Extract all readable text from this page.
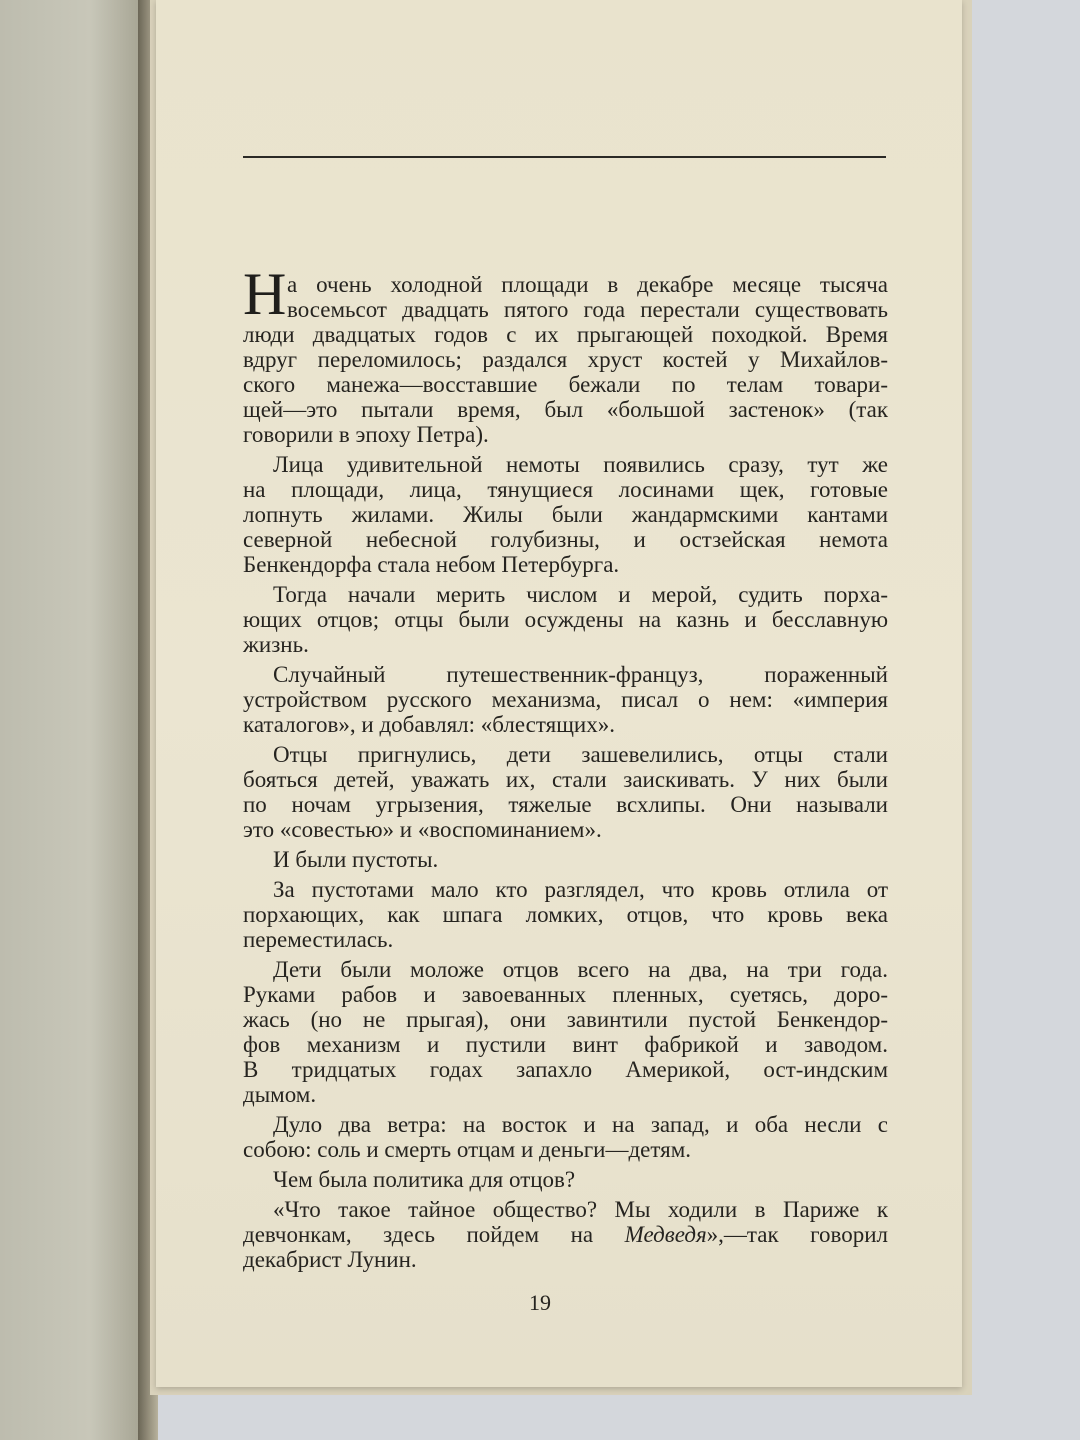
Н а очень холодной площади в декабре месяце тысяча
восемьсот двадцать пятого года перестали существовать
люди двадцатых годов с их прыгающей походкой. Время
вдруг переломилось; раздался хруст костей у Михайлов-
ского манежа—восставшие бежали по телам товари-
щей—это пытали время, был «большой застенок» (так
говорили в эпоху Петра).
Лица удивительной немоты появились сразу, тут же
на площади, лица, тянущиеся лосинами щек, готовые
лопнуть жилами. Жилы были жандармскими кантами
северной небесной голубизны, и остзейская немота
Бенкендорфа стала небом Петербурга.
Тогда начали мерить числом и мерой, судить порха-
ющих отцов; отцы были осуждены на казнь и бесславную
жизнь.
Случайный путешественник-француз, пораженный
устройством русского механизма, писал о нем: «империя
каталогов», и добавлял: «блестящих».
Отцы пригнулись, дети зашевелились, отцы стали
бояться детей, уважать их, стали заискивать. У них были
по ночам угрызения, тяжелые всхлипы. Они называли
это «совестью» и «воспоминанием».
И были пустоты.
За пустотами мало кто разглядел, что кровь отлила от
порхающих, как шпага ломких, отцов, что кровь века
переместилась.
Дети были моложе отцов всего на два, на три года.
Руками рабов и завоеванных пленных, суетясь, доро-
жась (но не прыгая), они завинтили пустой Бенкендор-
фов механизм и пустили винт фабрикой и заводом.
В тридцатых годах запахло Америкой, ост-индским
дымом.
Дуло два ветра: на восток и на запад, и оба несли с
собою: соль и смерть отцам и деньги—детям.
Чем была политика для отцов?
«Что такое тайное общество? Мы ходили в Париже к
девчонкам, здесь пойдем на Медведя»,—так говорил
декабрист Лунин.
19
